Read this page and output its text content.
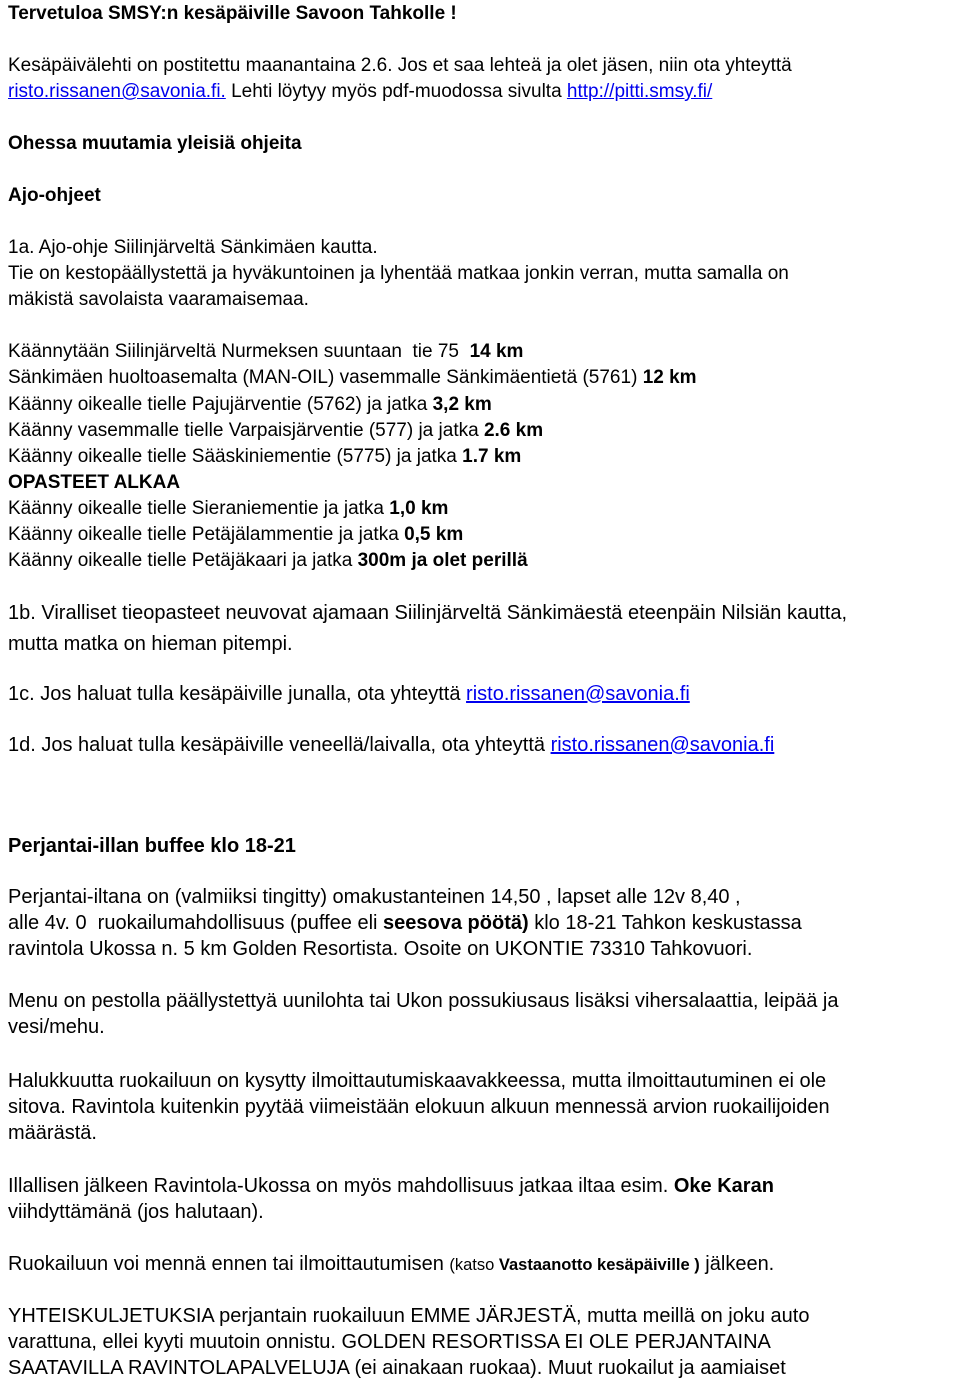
Tervetuloa SMSY:n kesäpäiville Savoon Tahkolle !
Kesäpäivälehti on postitettu maanantaina 2.6. Jos et saa lehteä ja olet jäsen, niin ota yhteyttä
risto.rissanen@savonia.fi. Lehti löytyy myös pdf-muodossa sivulta http://pitti.smsy.fi/
Ohessa muutamia yleisiä ohjeita
Ajo-ohjeet
1a. Ajo-ohje Siilinjärveltä Sänkimäen kautta.
Tie on kestopäällystettä ja hyväkuntoinen ja lyhentää matkaa jonkin verran, mutta samalla on
mäkistä savolaista vaaramaisemaa.
Käännytään Siilinjärveltä Nurmeksen suuntaan  tie 75  14 km
Sänkimäen huoltoasemalta (MAN-OIL) vasemmalle Sänkimäentietä (5761) 12 km
Käänny oikealle tielle Pajujärventie (5762) ja jatka 3,2 km
Käänny vasemmalle tielle Varpaisjärventie (577) ja jatka 2.6 km
Käänny oikealle tielle Sääskiniementie (5775) ja jatka 1.7 km
OPASTEET ALKAA
Käänny oikealle tielle Sieraniementie ja jatka 1,0 km
Käänny oikealle tielle Petäjälammentie ja jatka 0,5 km
Käänny oikealle tielle Petäjäkaari ja jatka 300m ja olet perillä
1b. Viralliset tieopasteet neuvovat ajamaan Siilinjärveltä Sänkimäestä eteenpäin Nilsiän kautta,
mutta matka on hieman pitempi.
1c. Jos haluat tulla kesäpäiville junalla, ota yhteyttä risto.rissanen@savonia.fi
1d. Jos haluat tulla kesäpäiville veneellä/laivalla, ota yhteyttä risto.rissanen@savonia.fi
Perjantai-illan buffee klo 18-21
Perjantai-iltana on (valmiiksi tingitty) omakustanteinen 14,50 , lapset alle 12v 8,40 ,
alle 4v. 0  ruokailumahdollisuus (puffee eli seesova pöötä) klo 18-21 Tahkon keskustassa
ravintola Ukossa n. 5 km Golden Resortista. Osoite on UKONTIE 73310 Tahkovuori.
Menu on pestolla päällystettyä uunilohta tai Ukon possukiusaus lisäksi vihersalaattia, leipää ja
vesi/mehu.
Halukkuutta ruokailuun on kysytty ilmoittautumiskaavakkeessa, mutta ilmoittautuminen ei ole
sitova. Ravintola kuitenkin pyytää viimeistään elokuun alkuun mennessä arvion ruokailijoiden
määrästä.
Illallisen jälkeen Ravintola-Ukossa on myös mahdollisuus jatkaa iltaa esim. Oke Karan
viihdyttämänä (jos halutaan).
Ruokailuun voi mennä ennen tai ilmoittautumisen (katso Vastaanotto kesäpäiville ) jälkeen.
YHTEISKULJETUKSIA perjantain ruokailuun EMME JÄRJESTÄ, mutta meillä on joku auto
varattuna, ellei kyyti muutoin onnistu. GOLDEN RESORTISSA EI OLE PERJANTAINA
SAATAVILLA RAVINTOLAPALVELUJA (ei ainakaan ruokaa). Muut ruokailut ja aamiaiset
